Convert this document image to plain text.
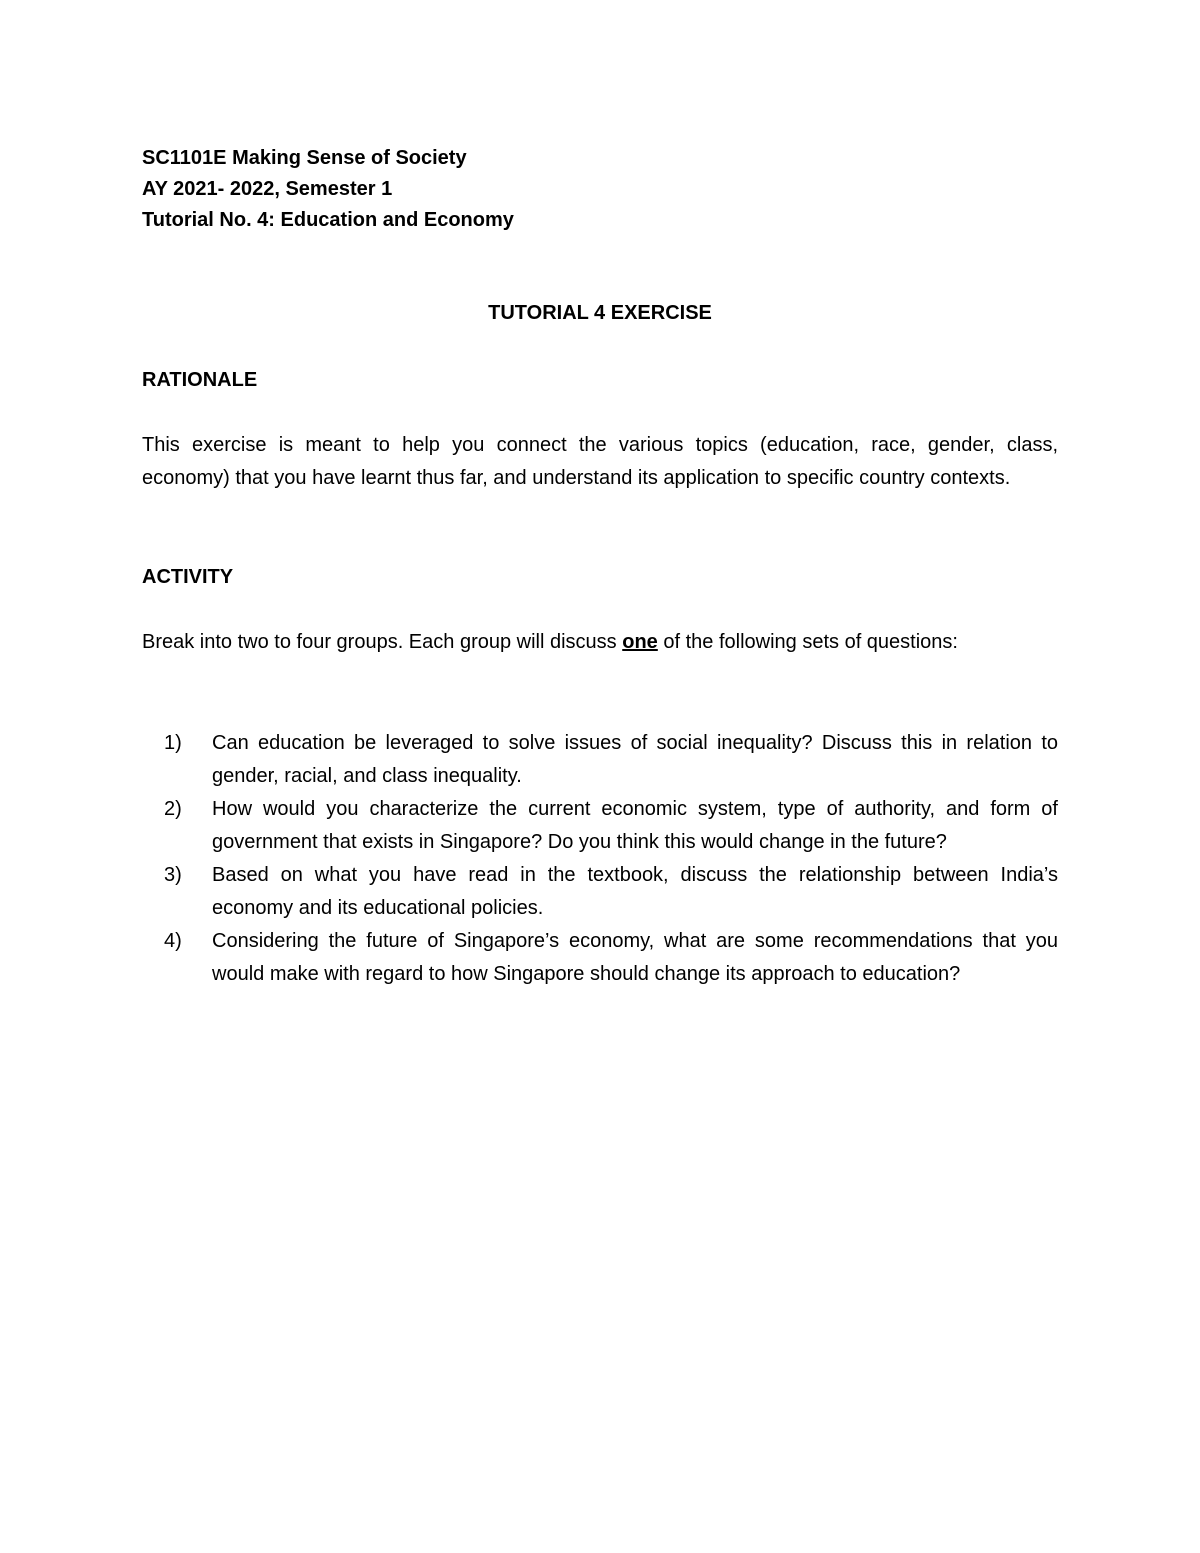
SC1101E Making Sense of Society
AY 2021- 2022, Semester 1
Tutorial No. 4: Education and Economy
TUTORIAL 4 EXERCISE
RATIONALE
This exercise is meant to help you connect the various topics (education, race, gender, class, economy) that you have learnt thus far, and understand its application to specific country contexts.
ACTIVITY
Break into two to four groups. Each group will discuss one of the following sets of questions:
1)	Can education be leveraged to solve issues of social inequality? Discuss this in relation to gender, racial, and class inequality.
2)	How would you characterize the current economic system, type of authority, and form of government that exists in Singapore? Do you think this would change in the future?
3)	Based on what you have read in the textbook, discuss the relationship between India’s economy and its educational policies.
4)	Considering the future of Singapore’s economy, what are some recommendations that you would make with regard to how Singapore should change its approach to education?
